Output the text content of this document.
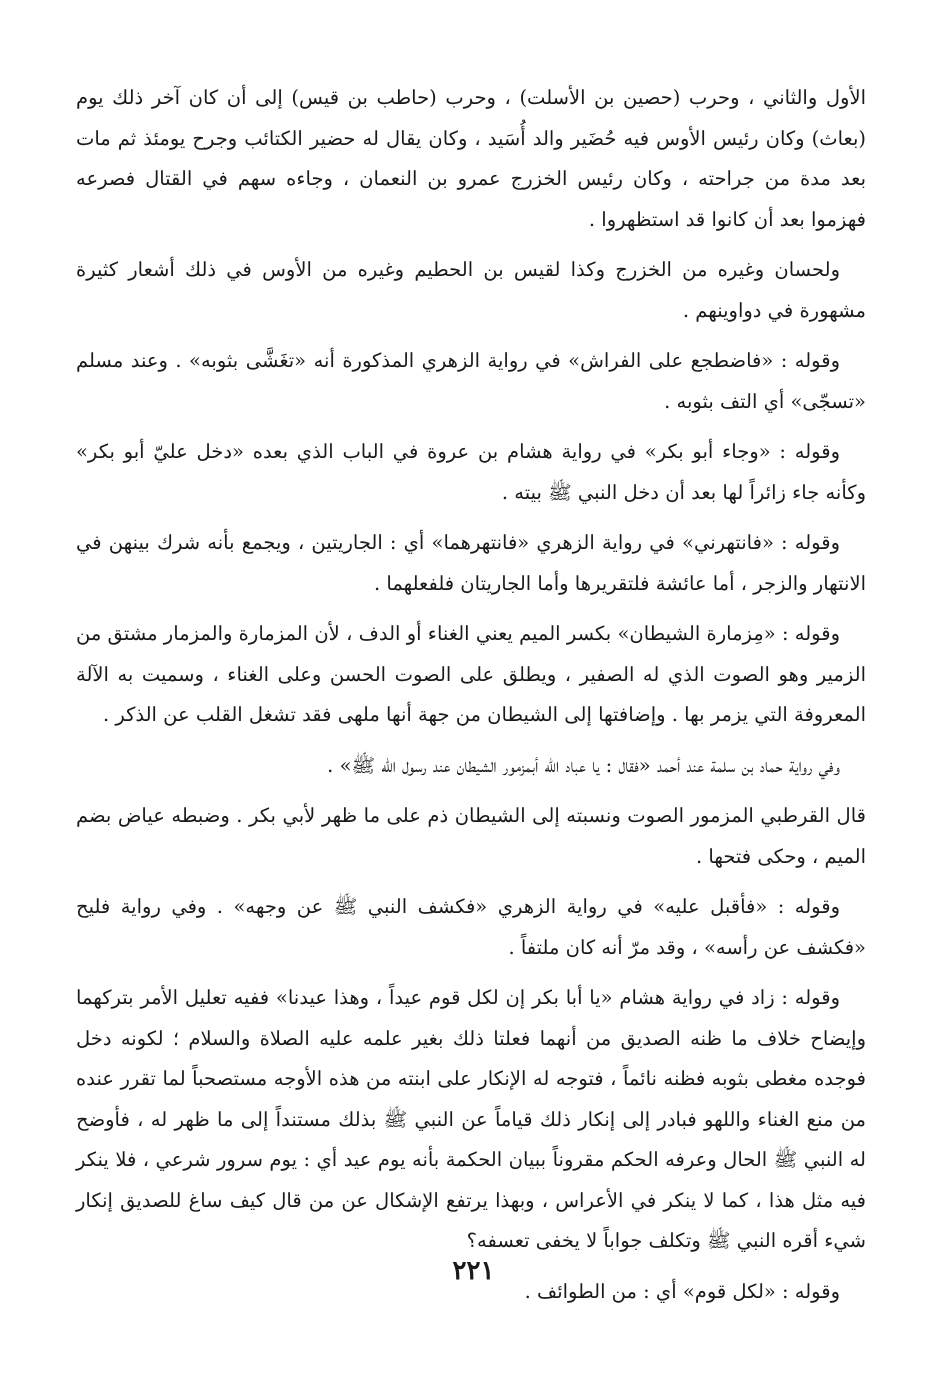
الأول والثاني ، وحرب (حصين بن الأسلت) ، وحرب (حاطب بن قيس) إلى أن كان آخر ذلك يوم (بعاث) وكان رئيس الأوس فيه حُضَير والد أُسَيد ، وكان يقال له حضير الكتائب وجرح يومئذ ثم مات بعد مدة من جراحته ، وكان رئيس الخزرج عمرو بن النعمان ، وجاءه سهم في القتال فصرعه فهزموا بعد أن كانوا قد استظهروا .

ولحسان وغيره من الخزرج وكذا لقيس بن الحطيم وغيره من الأوس في ذلك أشعار كثيرة مشهورة في دواوينهم .

وقوله : «فاضطجع على الفراش» في رواية الزهري المذكورة أنه «تغَشَّى بثوبه» . وعند مسلم «تسجّى» أي التف بثوبه .

وقوله : «وجاء أبو بكر» في رواية هشام بن عروة في الباب الذي بعده «دخل عليّ أبو بكر» وكأنه جاء زائراً لها بعد أن دخل النبي ﷺ بيته .

وقوله : «فانتهرني» في رواية الزهري «فانتهرهما» أي : الجاريتين ، ويجمع بأنه شرك بينهن في الانتهار والزجر ، أما عائشة فلتقريرها وأما الجاريتان فلفعلهما .

وقوله : «مِزمارة الشيطان» بكسر الميم يعني الغناء أو الدف ، لأن المزمارة والمزمار مشتق من الزمير وهو الصوت الذي له الصفير ، ويطلق على الصوت الحسن وعلى الغناء ، وسميت به الآلة المعروفة التي يزمر بها . وإضافتها إلى الشيطان من جهة أنها ملهى فقد تشغل القلب عن الذكر .

وفي رواية حماد بن سلمة عند أحمد «فقال : يا عباد الله أبمزمور الشيطان عند رسول الله ﷺ» .

قال القرطبي المزمور الصوت ونسبته إلى الشيطان ذم على ما ظهر لأبي بكر . وضبطه عياض بضم الميم ، وحكى فتحها .

وقوله : «فأقبل عليه» في رواية الزهري «فكشف النبي ﷺ عن وجهه» . وفي رواية فليح «فكشف عن رأسه» ، وقد مرّ أنه كان ملتفاً .

وقوله : زاد في رواية هشام «يا أبا بكر إن لكل قوم عيداً ، وهذا عيدنا» ففيه تعليل الأمر بتركهما وإيضاح خلاف ما ظنه الصديق من أنهما فعلتا ذلك بغير علمه عليه الصلاة والسلام ؛ لكونه دخل فوجده مغطى بثوبه فظنه نائماً ، فتوجه له الإنكار على ابنته من هذه الأوجه مستصحباً لما تقرر عنده من منع الغناء واللهو فبادر إلى إنكار ذلك قياماً عن النبي ﷺ بذلك مستنداً إلى ما ظهر له ، فأوضح له النبي ﷺ الحال وعرفه الحكم مقروناً ببيان الحكمة بأنه يوم عيد أي : يوم سرور شرعي ، فلا ينكر فيه مثل هذا ، كما لا ينكر في الأعراس ، وبهذا يرتفع الإشكال عن من قال كيف ساغ للصديق إنكار شيء أقره النبي ﷺ وتكلف جواباً لا يخفى تعسفه؟

وقوله : «لكل قوم» أي : من الطوائف .

٢٢١
